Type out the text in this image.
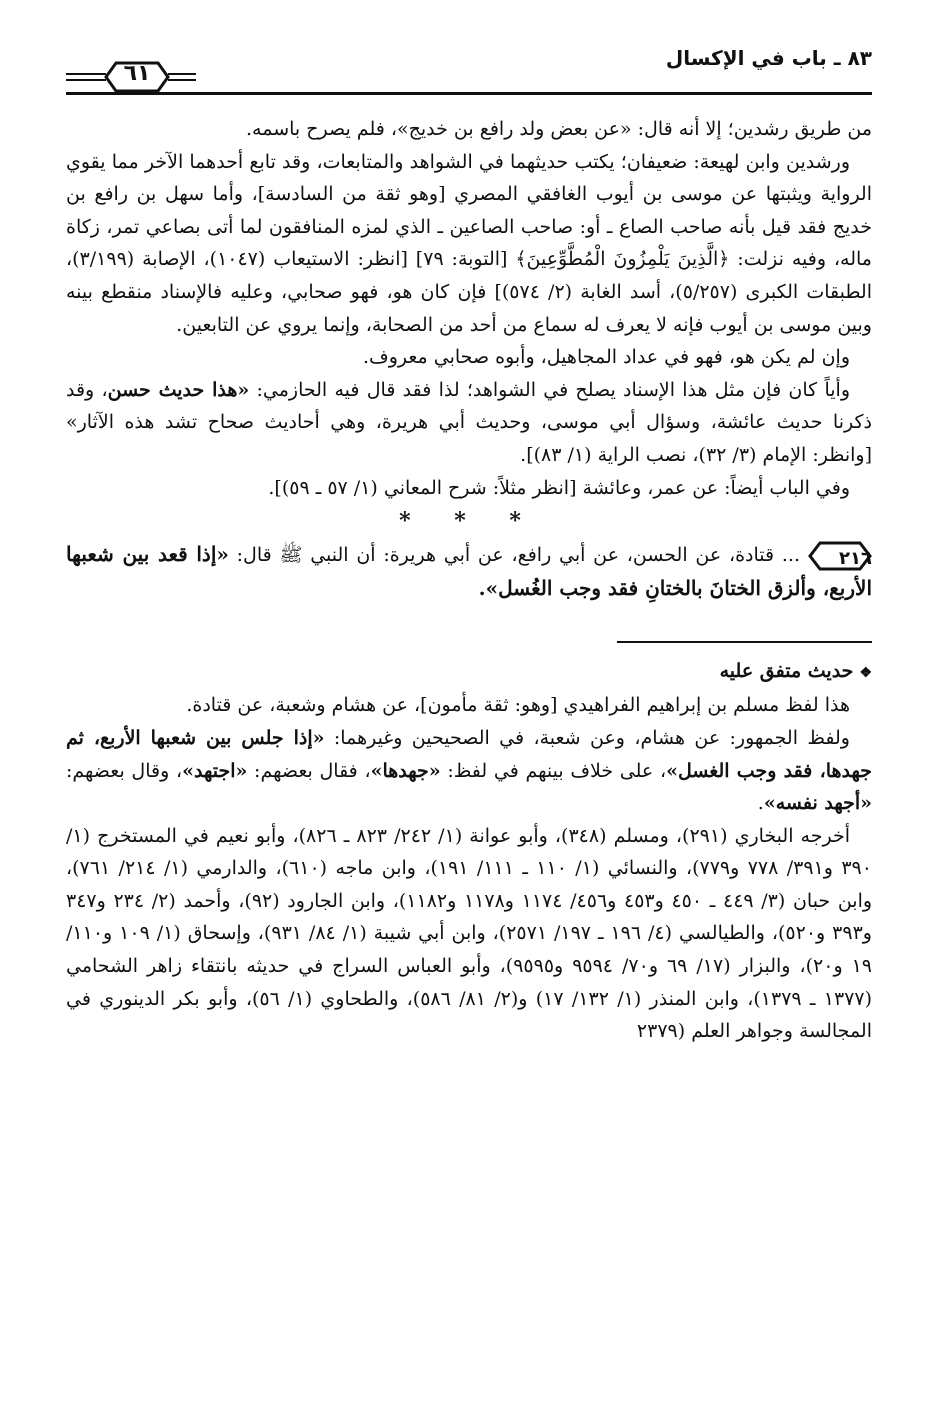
٨٣ ـ باب في الإكسال
٦١

من طريق رشدين؛ إلا أنه قال: «عن بعض ولد رافع بن خديج»، فلم يصرح باسمه.

ورشدين وابن لهيعة: ضعيفان؛ يكتب حديثهما في الشواهد والمتابعات، وقد تابع أحدهما الآخر مما يقوي الرواية ويثبتها عن موسى بن أيوب الغافقي المصري [وهو ثقة من السادسة]، وأما سهل بن رافع بن خديج فقد قيل بأنه صاحب الصاع ـ أو: صاحب الصاعين ـ الذي لمزه المنافقون لما أتى بصاعي تمر، زكاة ماله، وفيه نزلت: ﴿الَّذِينَ يَلْمِزُونَ الْمُطَّوِّعِينَ﴾ [التوبة: ٧٩] [انظر: الاستيعاب (١٠٤٧)، الإصابة (٣/١٩٩)، الطبقات الكبرى (٥/٢٥٧)، أسد الغابة (٢/ ٥٧٤)] فإن كان هو، فهو صحابي، وعليه فالإسناد منقطع بينه وبين موسى بن أيوب فإنه لا يعرف له سماع من أحد من الصحابة، وإنما يروي عن التابعين.

وإن لم يكن هو، فهو في عداد المجاهيل، وأبوه صحابي معروف.

وأياً كان فإن مثل هذا الإسناد يصلح في الشواهد؛ لذا فقد قال فيه الحازمي: «هذا حديث حسن، وقد ذكرنا حديث عائشة، وسؤال أبي موسى، وحديث أبي هريرة، وهي أحاديث صحاح تشد هذه الآثار» [وانظر: الإمام (٣/ ٣٢)، نصب الراية (١/ ٨٣)].

وفي الباب أيضاً: عن عمر، وعائشة [انظر مثلاً: شرح المعاني (١/ ٥٧ ـ ٥٩)].

* * *

٢١٦
... قتادة، عن الحسن، عن أبي رافع، عن أبي هريرة: أن النبي ﷺ قال: «إذا قعد بين شعبها الأربع، وألزق الختانَ بالختانِ فقد وجب الغُسل».

❖حديث متفق عليه

هذا لفظ مسلم بن إبراهيم الفراهيدي [وهو: ثقة مأمون]، عن هشام وشعبة، عن قتادة.

ولفظ الجمهور: عن هشام، وعن شعبة، في الصحيحين وغيرهما: «إذا جلس بين شعبها الأربع، ثم جهدها، فقد وجب الغسل»، على خلاف بينهم في لفظ: «جهدها»، فقال بعضهم: «اجتهد»، وقال بعضهم: «أجهد نفسه».

أخرجه البخاري (٢٩١)، ومسلم (٣٤٨)، وأبو عوانة (١/ ٢٤٢/ ٨٢٣ ـ ٨٢٦)، وأبو نعيم في المستخرج (١/ ٣٩٠ و٣٩١/ ٧٧٨ و٧٧٩)، والنسائي (١/ ١١٠ ـ ١١١/ ١٩١)، وابن ماجه (٦١٠)، والدارمي (١/ ٢١٤/ ٧٦١)، وابن حبان (٣/ ٤٤٩ ـ ٤٥٠ و٤٥٣ و٤٥٦/ ١١٧٤ و١١٧٨ و١١٨٢)، وابن الجارود (٩٢)، وأحمد (٢/ ٢٣٤ و٣٤٧ و٣٩٣ و٥٢٠)، والطيالسي (٤/ ١٩٦ ـ ١٩٧/ ٢٥٧١)، وابن أبي شيبة (١/ ٨٤/ ٩٣١)، وإسحاق (١/ ١٠٩ و١١٠/ ١٩ و٢٠)، والبزار (١٧/ ٦٩ و٧٠/ ٩٥٩٤ و٩٥٩٥)، وأبو العباس السراج في حديثه بانتقاء زاهر الشحامي (١٣٧٧ ـ ١٣٧٩)، وابن المنذر (١/ ١٣٢/ ١٧) و(٢/ ٨١/ ٥٨٦)، والطحاوي (١/ ٥٦)، وأبو بكر الدينوري في المجالسة وجواهر العلم (٢٣٧٩
